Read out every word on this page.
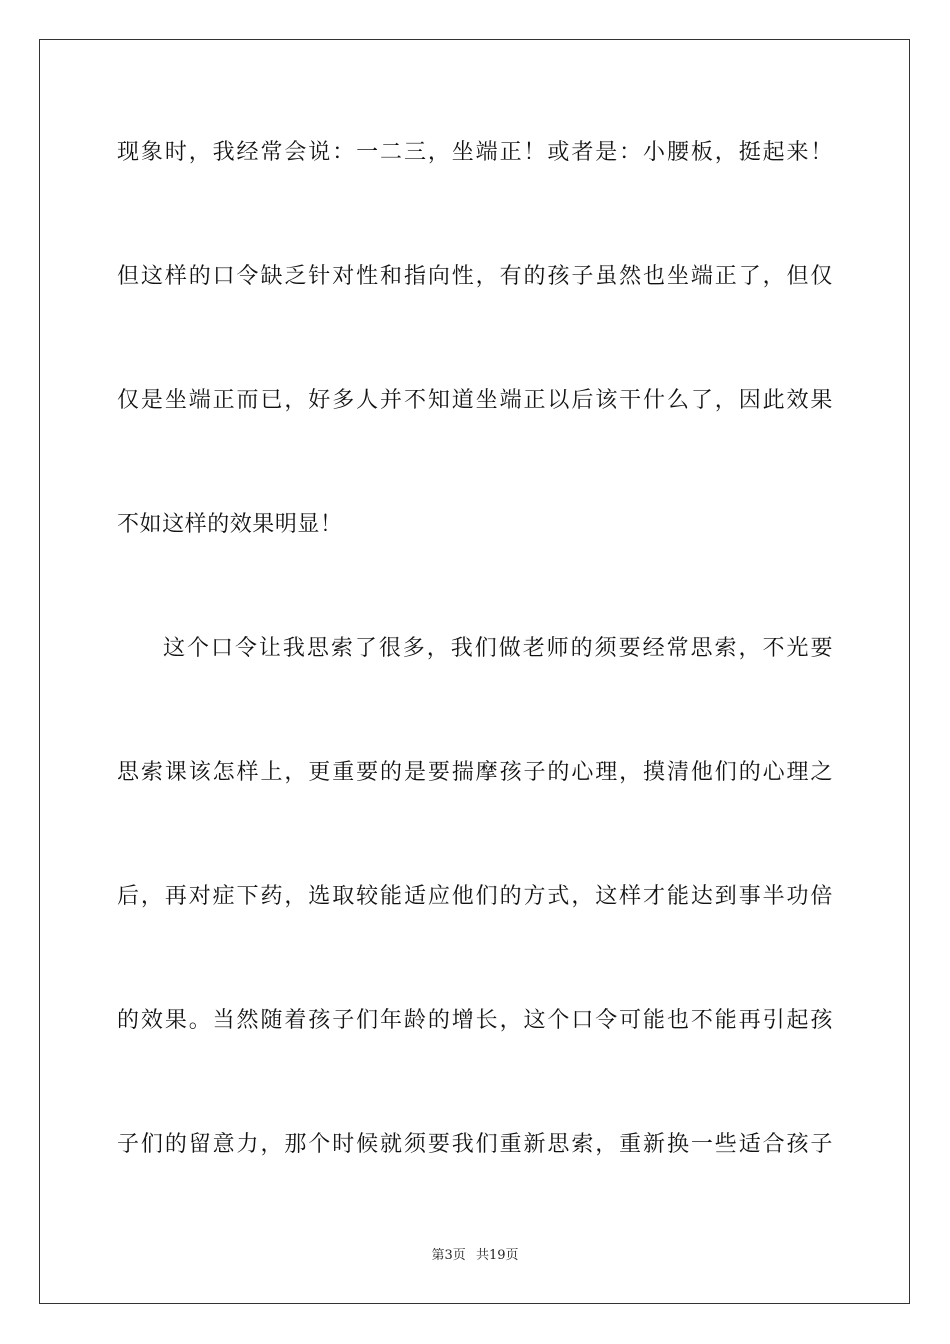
现象时，我经常会说：一二三，坐端正！或者是：小腰板，挺起来！
但这样的口令缺乏针对性和指向性，有的孩子虽然也坐端正了，但仅
仅是坐端正而已，好多人并不知道坐端正以后该干什么了，因此效果
不如这样的效果明显！
这个口令让我思索了很多，我们做老师的须要经常思索，不光要
思索课该怎样上，更重要的是要揣摩孩子的心理，摸清他们的心理之
后，再对症下药，选取较能适应他们的方式，这样才能达到事半功倍
的效果。当然随着孩子们年龄的增长，这个口令可能也不能再引起孩
子们的留意力，那个时候就须要我们重新思索，重新换一些适合孩子
第3页 共19页
